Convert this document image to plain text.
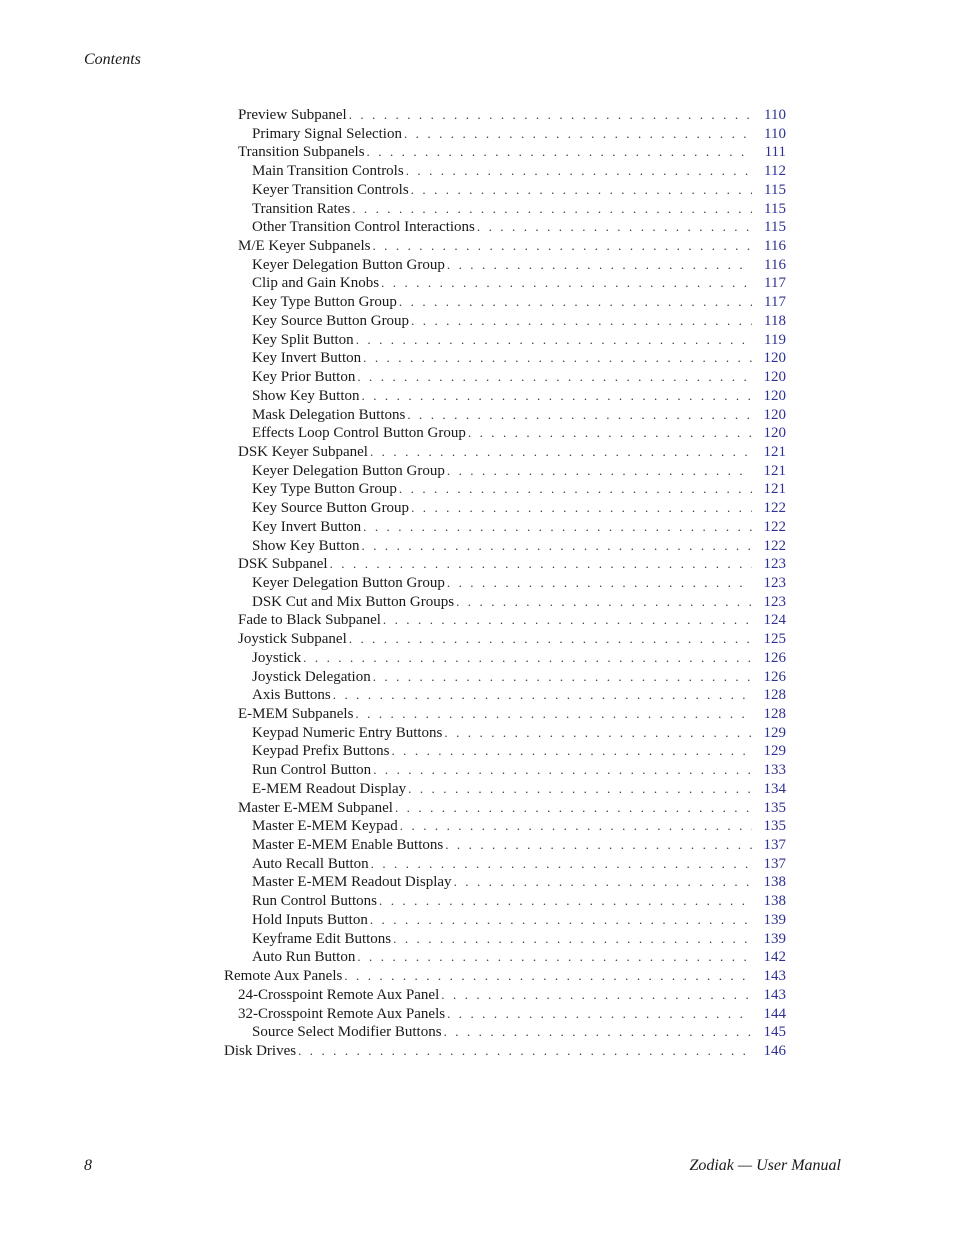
Contents
Preview Subpanel . . .	110
Primary Signal Selection . . .	110
Transition Subpanels . . .	111
Main Transition Controls . . .	112
Keyer Transition Controls . . .	115
Transition Rates . . .	115
Other Transition Control Interactions . . .	115
M/E Keyer Subpanels . . .	116
Keyer Delegation Button Group . . .	116
Clip and Gain Knobs . . .	117
Key Type Button Group . . .	117
Key Source Button Group . . .	118
Key Split Button . . .	119
Key Invert Button . . .	120
Key Prior Button . . .	120
Show Key Button . . .	120
Mask Delegation Buttons . . .	120
Effects Loop Control Button Group . . .	120
DSK Keyer Subpanel . . .	121
Keyer Delegation Button Group . . .	121
Key Type Button Group . . .	121
Key Source Button Group . . .	122
Key Invert Button . . .	122
Show Key Button . . .	122
DSK Subpanel . . .	123
Keyer Delegation Button Group . . .	123
DSK Cut and Mix Button Groups . . .	123
Fade to Black Subpanel . . .	124
Joystick Subpanel . . .	125
Joystick . . .	126
Joystick Delegation . . .	126
Axis Buttons . . .	128
E-MEM Subpanels . . .	128
Keypad Numeric Entry Buttons . . .	129
Keypad Prefix Buttons . . .	129
Run Control Button . . .	133
E-MEM Readout Display . . .	134
Master E-MEM Subpanel . . .	135
Master E-MEM Keypad . . .	135
Master E-MEM Enable Buttons . . .	137
Auto Recall Button . . .	137
Master E-MEM Readout Display . . .	138
Run Control Buttons . . .	138
Hold Inputs Button . . .	139
Keyframe Edit Buttons . . .	139
Auto Run Button . . .	142
Remote Aux Panels . . .	143
24-Crosspoint Remote Aux Panel . . .	143
32-Crosspoint Remote Aux Panels . . .	144
Source Select Modifier Buttons . . .	145
Disk Drives . . .	146
8	Zodiak — User Manual
